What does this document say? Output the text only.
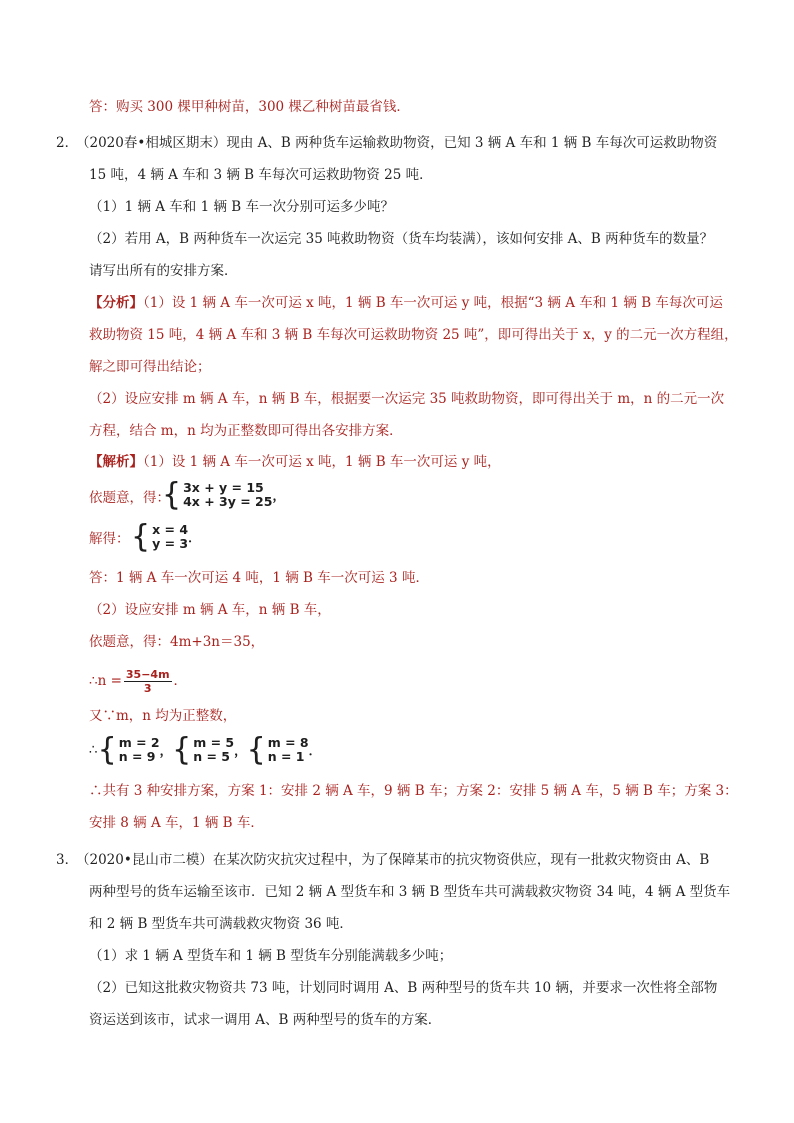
答：购买 300 棵甲种树苗，300 棵乙种树苗最省钱．
2．
（2020春•相城区期末）现由 A、B 两种货车运输救助物资，已知 3 辆 A 车和 1 辆 B 车每次可运救助物资
15 吨，4 辆 A 车和 3 辆 B 车每次可运救助物资 25 吨．
（1）1 辆 A 车和 1 辆 B 车一次分别可运多少吨？
（2）若用 A，B 两种货车一次运完 35 吨救助物资（货车均装满），该如何安排 A、B 两种货车的数量？
请写出所有的安排方案．
【分析】（1）设 1 辆 A 车一次可运 x 吨，1 辆 B 车一次可运 y 吨，根据“3 辆 A 车和 1 辆 B 车每次可运
救助物资 15 吨，4 辆 A 车和 3 辆 B 车每次可运救助物资 25 吨”，即可得出关于 x，y 的二元一次方程组，
解之即可得出结论；
（2）设应安排 m 辆 A 车，n 辆 B 车，根据要一次运完 35 吨救助物资，即可得出关于 m，n 的二元一次
方程，结合 m，n 均为正整数即可得出各安排方案．
【解析】（1）设 1 辆 A 车一次可运 x 吨，1 辆 B 车一次可运 y 吨，
依题意，得：
{ 3x + y = 15
4x + 3y = 25 ，
解得： { x = 4
y = 3 ．
答：1 辆 A 车一次可运 4 吨，1 辆 B 车一次可运 3 吨．
（2）设应安排 m 辆 A 车，n 辆 B 车，
依题意，得：4m+3n＝35，
∴n = $\frac{35-4m}{3}$ ．
又∵m，n 均为正整数，
∴ { m = 2
n = 9 ， { m = 5
n = 5 ， { m = 8
n = 1 ．
∴共有 3 种安排方案，方案 1：安排 2 辆 A 车，9 辆 B 车；方案 2：安排 5 辆 A 车，5 辆 B 车；方案 3：
安排 8 辆 A 车，1 辆 B 车．
3．
（2020•昆山市二模）在某次防灾抗灾过程中，为了保障某市的抗灾物资供应，现有一批救灾物资由 A、B
两种型号的货车运输至该市．已知 2 辆 A 型货车和 3 辆 B 型货车共可满载救灾物资 34 吨，4 辆 A 型货车
和 2 辆 B 型货车共可满载救灾物资 36 吨．
（1）求 1 辆 A 型货车和 1 辆 B 型货车分别能满载多少吨；
（2）已知这批救灾物资共 73 吨，计划同时调用 A、B 两种型号的货车共 10 辆，并要求一次性将全部物
资运送到该市，试求一调用 A、B 两种型号的货车的方案．
